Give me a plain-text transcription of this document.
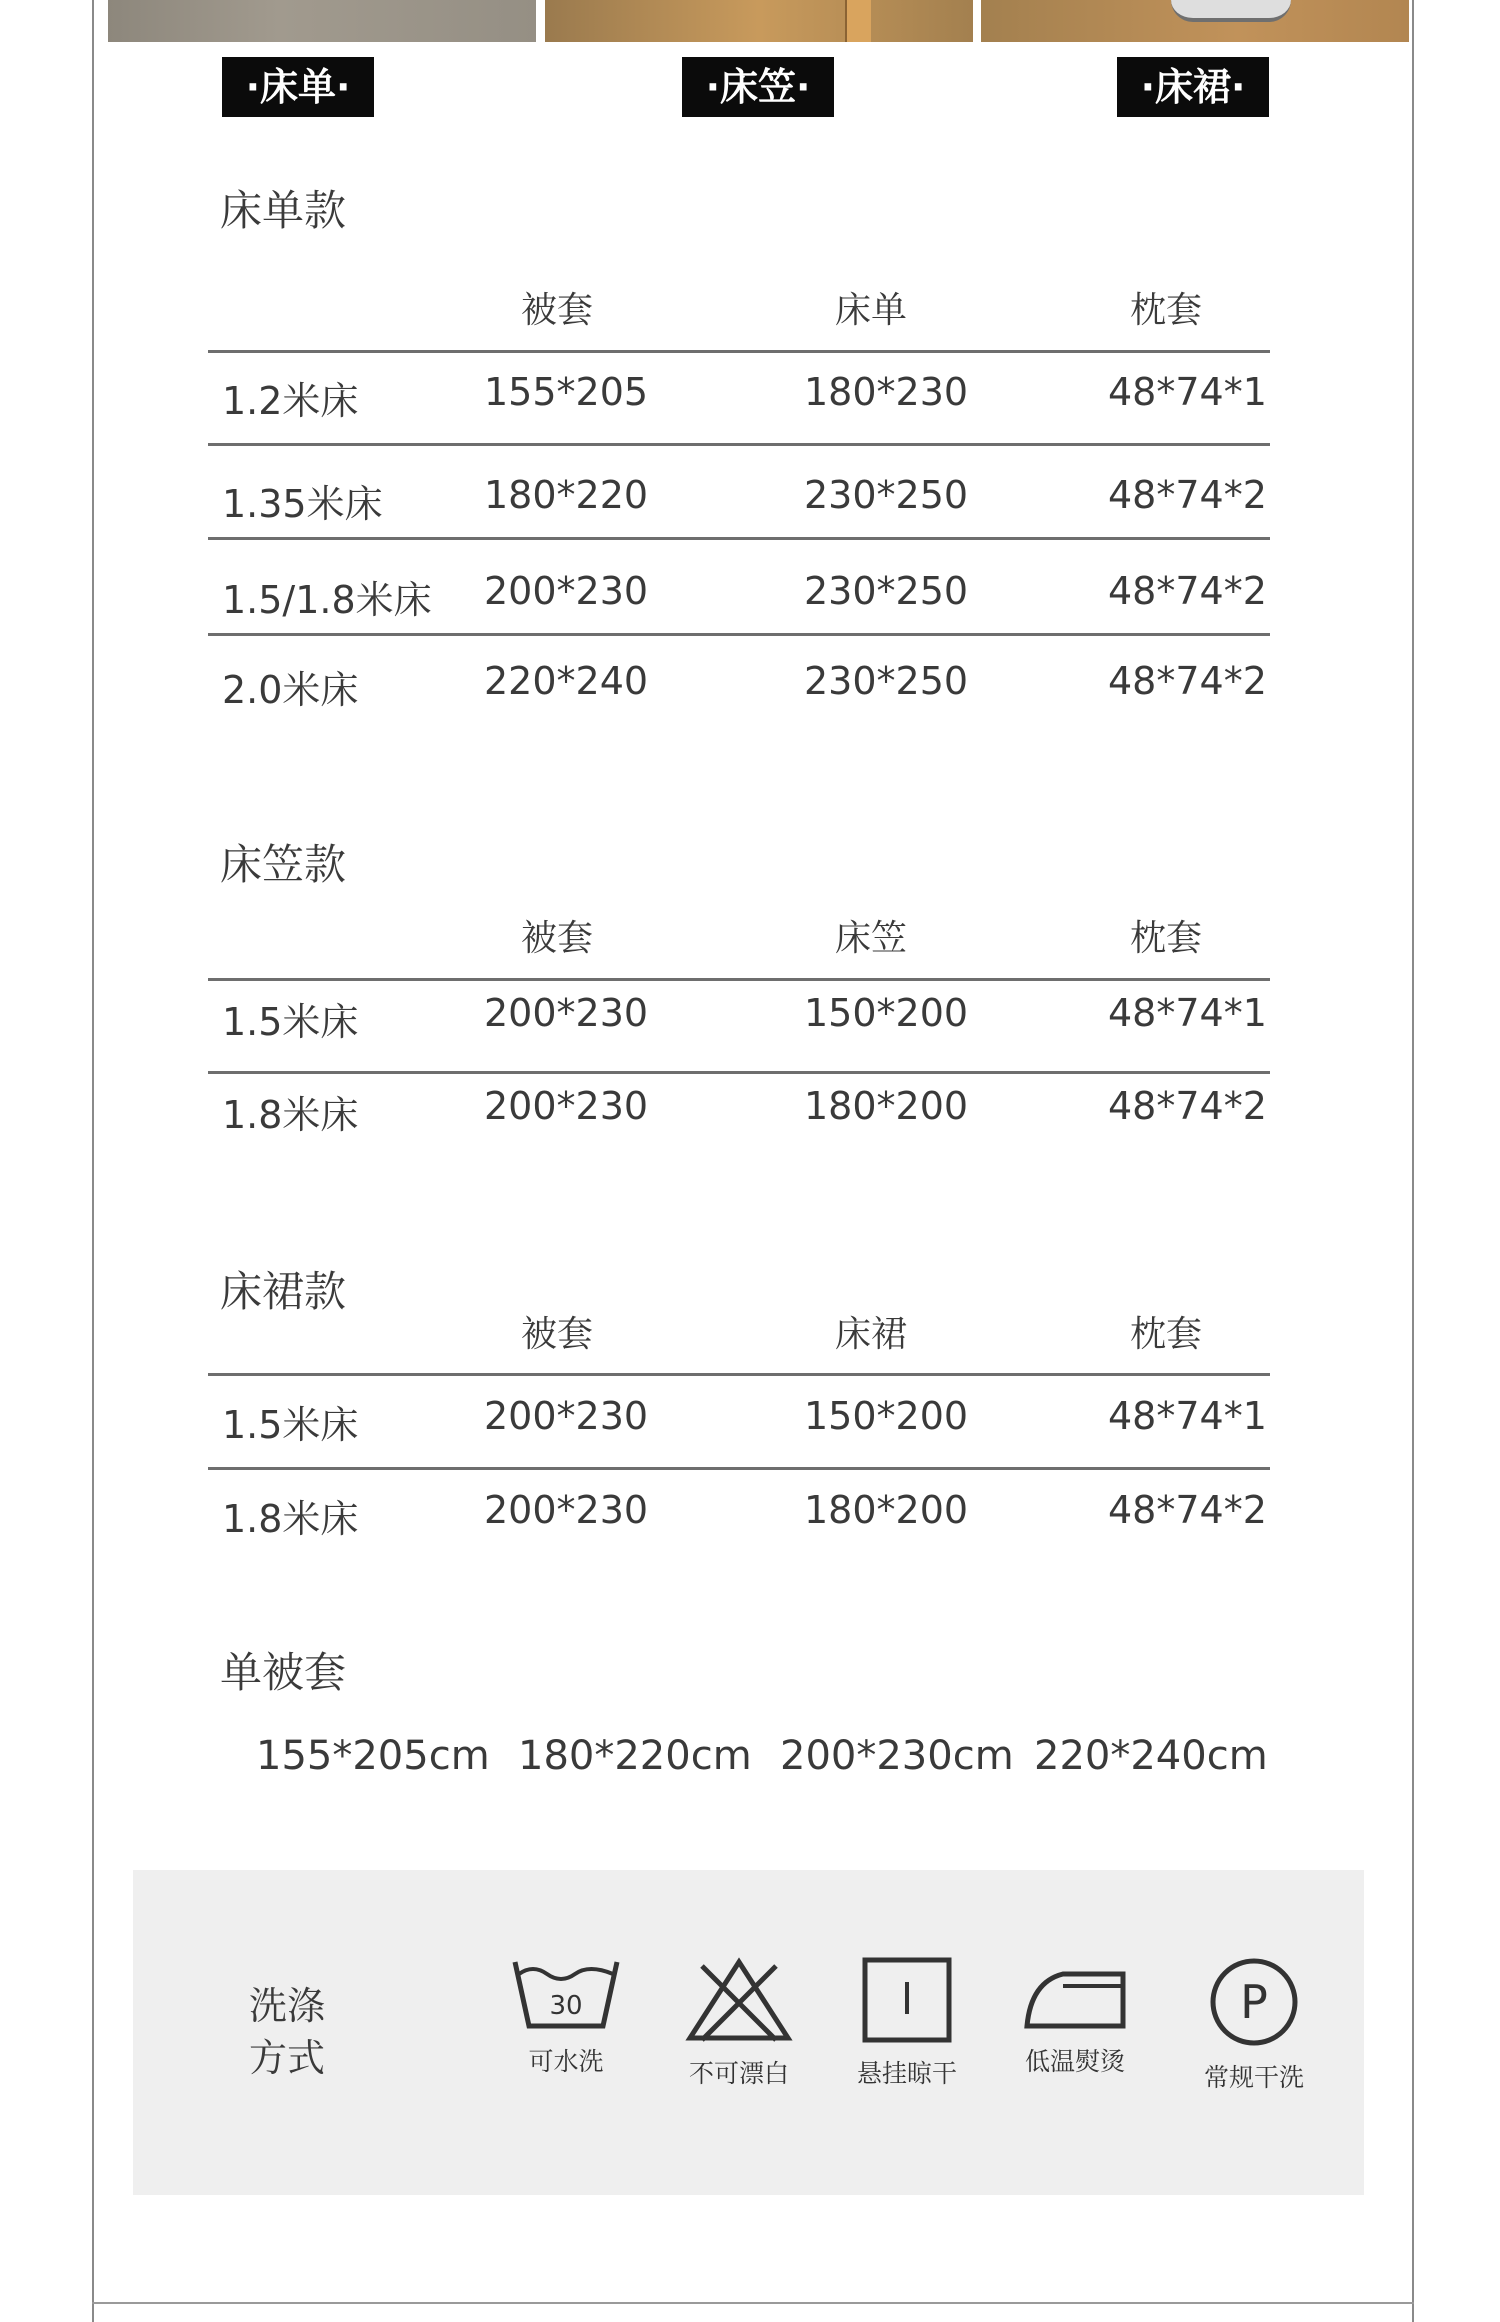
·床单·	·床笠·	·床裙·
床单款
被套	床单	枕套
1.2米床	155*205	180*230	48*74*1
1.35米床	180*220	230*250	48*74*2
1.5/1.8米床 200*230	230*250	48*74*2
2.0米床	220*240	230*250	48*74*2
床笠款
被套	床笠	枕套
1.5米床	200*230	150*200	48*74*1
1.8米床	200*230	180*200	48*74*2
床裙款
被套	床裙	枕套
1.5米床	200*230	150*200	48*74*1
1.8米床	200*230	180*200	48*74*2
单被套
155*205cm 180*220cm 200*230cm 220*240cm
洗涤
方式
30
可水洗	不可漂白	悬挂晾干	低温熨烫
P
常规干洗
